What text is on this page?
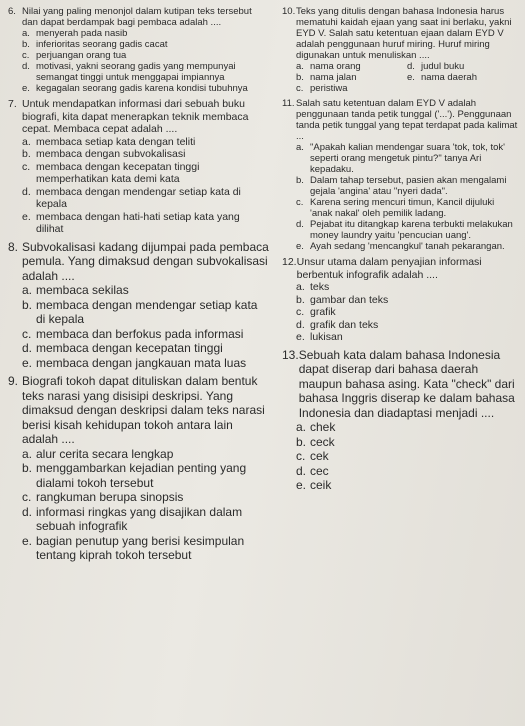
6. Nilai yang paling menonjol dalam kutipan teks tersebut dan dapat berdampak bagi pembaca adalah ....
a. menyerah pada nasib
b. inferioritas seorang gadis cacat
c. perjuangan orang tua
d. motivasi, yakni seorang gadis yang mempunyai semangat tinggi untuk menggapai impiannya
e. kegagalan seorang gadis karena kondisi tubuhnya
7. Untuk mendapatkan informasi dari sebuah buku biografi, kita dapat menerapkan teknik membaca cepat. Membaca cepat adalah ....
a. membaca setiap kata dengan teliti
b. membaca dengan subvokalisasi
c. membaca dengan kecepatan tinggi memperhatikan kata demi kata
d. membaca dengan mendengar setiap kata di kepala
e. membaca dengan hati-hati setiap kata yang dilihat
8. Subvokalisasi kadang dijumpai pada pembaca pemula. Yang dimaksud dengan subvokalisasi adalah ....
a. membaca sekilas
b. membaca dengan mendengar setiap kata di kepala
c. membaca dan berfokus pada informasi
d. membaca dengan kecepatan tinggi
e. membaca dengan jangkauan mata luas
9. Biografi tokoh dapat dituliskan dalam bentuk teks narasi yang disisipi deskripsi. Yang dimaksud dengan deskripsi dalam teks narasi berisi kisah kehidupan tokoh antara lain adalah ....
a. alur cerita secara lengkap
b. menggambarkan kejadian penting yang dialami tokoh tersebut
c. rangkuman berupa sinopsis
d. informasi ringkas yang disajikan dalam sebuah infografik
e. bagian penutup yang berisi kesimpulan tentang kiprah tokoh tersebut
10. Teks yang ditulis dengan bahasa Indonesia harus mematuhi kaidah ejaan yang saat ini berlaku, yakni EYD V. Salah satu ketentuan ejaan dalam EYD V adalah penggunaan huruf miring. Huruf miring digunakan untuk menuliskan ....
a. nama orang	d. judul buku
b. nama jalan	e. nama daerah
c. peristiwa
11. Salah satu ketentuan dalam EYD V adalah penggunaan tanda petik tunggal ('...'). Penggunaan tanda petik tunggal yang tepat terdapat pada kalimat ...
a. "Apakah kalian mendengar suara 'tok, tok, tok' seperti orang mengetuk pintu?" tanya Ari kepadaku.
b. Dalam tahap tersebut, pasien akan mengalami gejala 'angina' atau "nyeri dada".
c. Karena sering mencuri timun, Kancil dijuluki 'anak nakal' oleh pemilik ladang.
d. Pejabat itu ditangkap karena terbukti melakukan money laundry yaitu 'pencucian uang'.
e. Ayah sedang 'mencangkul' tanah pekarangan.
12. Unsur utama dalam penyajian informasi berbentuk infografik adalah ....
a. teks
b. gambar dan teks
c. grafik
d. grafik dan teks
e. lukisan
13. Sebuah kata dalam bahasa Indonesia dapat diserap dari bahasa daerah maupun bahasa asing. Kata "check" dari bahasa Inggris diserap ke dalam bahasa Indonesia dan diadaptasi menjadi ....
a. chek
b. ceck
c. cek
d. cec
e. ceik
